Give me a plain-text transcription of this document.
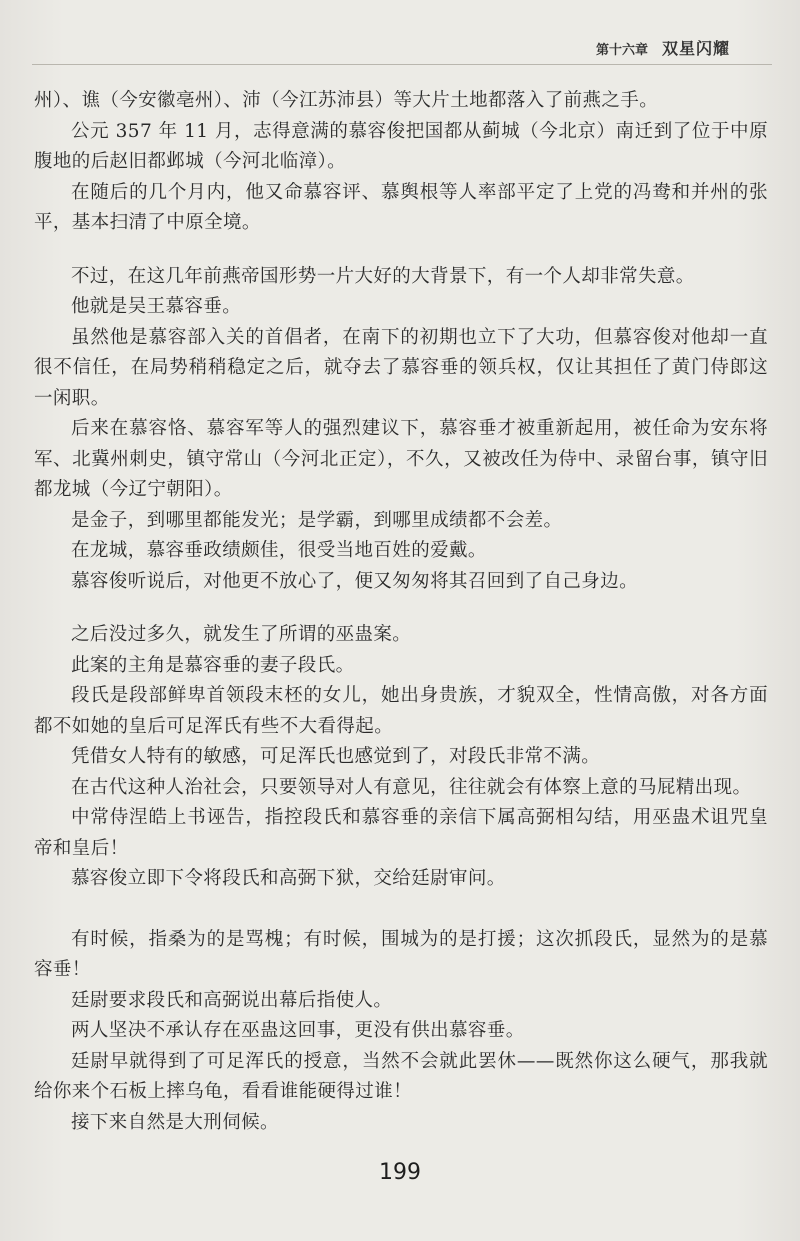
第十六章 双星闪耀

州）、谯（今安徽亳州）、沛（今江苏沛县）等大片土地都落入了前燕之手。

公元 357 年 11 月，志得意满的慕容俊把国都从蓟城（今北京）南迁到了位于中原腹地的后赵旧都邺城（今河北临漳）。

在随后的几个月内，他又命慕容评、慕舆根等人率部平定了上党的冯鸯和并州的张平，基本扫清了中原全境。

不过，在这几年前燕帝国形势一片大好的大背景下，有一个人却非常失意。

他就是吴王慕容垂。

虽然他是慕容部入关的首倡者，在南下的初期也立下了大功，但慕容俊对他却一直很不信任，在局势稍稍稳定之后，就夺去了慕容垂的领兵权，仅让其担任了黄门侍郎这一闲职。

后来在慕容恪、慕容军等人的强烈建议下，慕容垂才被重新起用，被任命为安东将军、北冀州刺史，镇守常山（今河北正定），不久，又被改任为侍中、录留台事，镇守旧都龙城（今辽宁朝阳）。

是金子，到哪里都能发光；是学霸，到哪里成绩都不会差。

在龙城，慕容垂政绩颇佳，很受当地百姓的爱戴。

慕容俊听说后，对他更不放心了，便又匆匆将其召回到了自己身边。

之后没过多久，就发生了所谓的巫蛊案。

此案的主角是慕容垂的妻子段氏。

段氏是段部鲜卑首领段末柸的女儿，她出身贵族，才貌双全，性情高傲，对各方面都不如她的皇后可足浑氏有些不大看得起。

凭借女人特有的敏感，可足浑氏也感觉到了，对段氏非常不满。

在古代这种人治社会，只要领导对人有意见，往往就会有体察上意的马屁精出现。

中常侍涅皓上书诬告，指控段氏和慕容垂的亲信下属高弼相勾结，用巫蛊术诅咒皇帝和皇后！

慕容俊立即下令将段氏和高弼下狱，交给廷尉审问。

有时候，指桑为的是骂槐；有时候，围城为的是打援；这次抓段氏，显然为的是慕容垂！

廷尉要求段氏和高弼说出幕后指使人。

两人坚决不承认存在巫蛊这回事，更没有供出慕容垂。

廷尉早就得到了可足浑氏的授意，当然不会就此罢休——既然你这么硬气，那我就给你来个石板上摔乌龟，看看谁能硬得过谁！

接下来自然是大刑伺候。

199
